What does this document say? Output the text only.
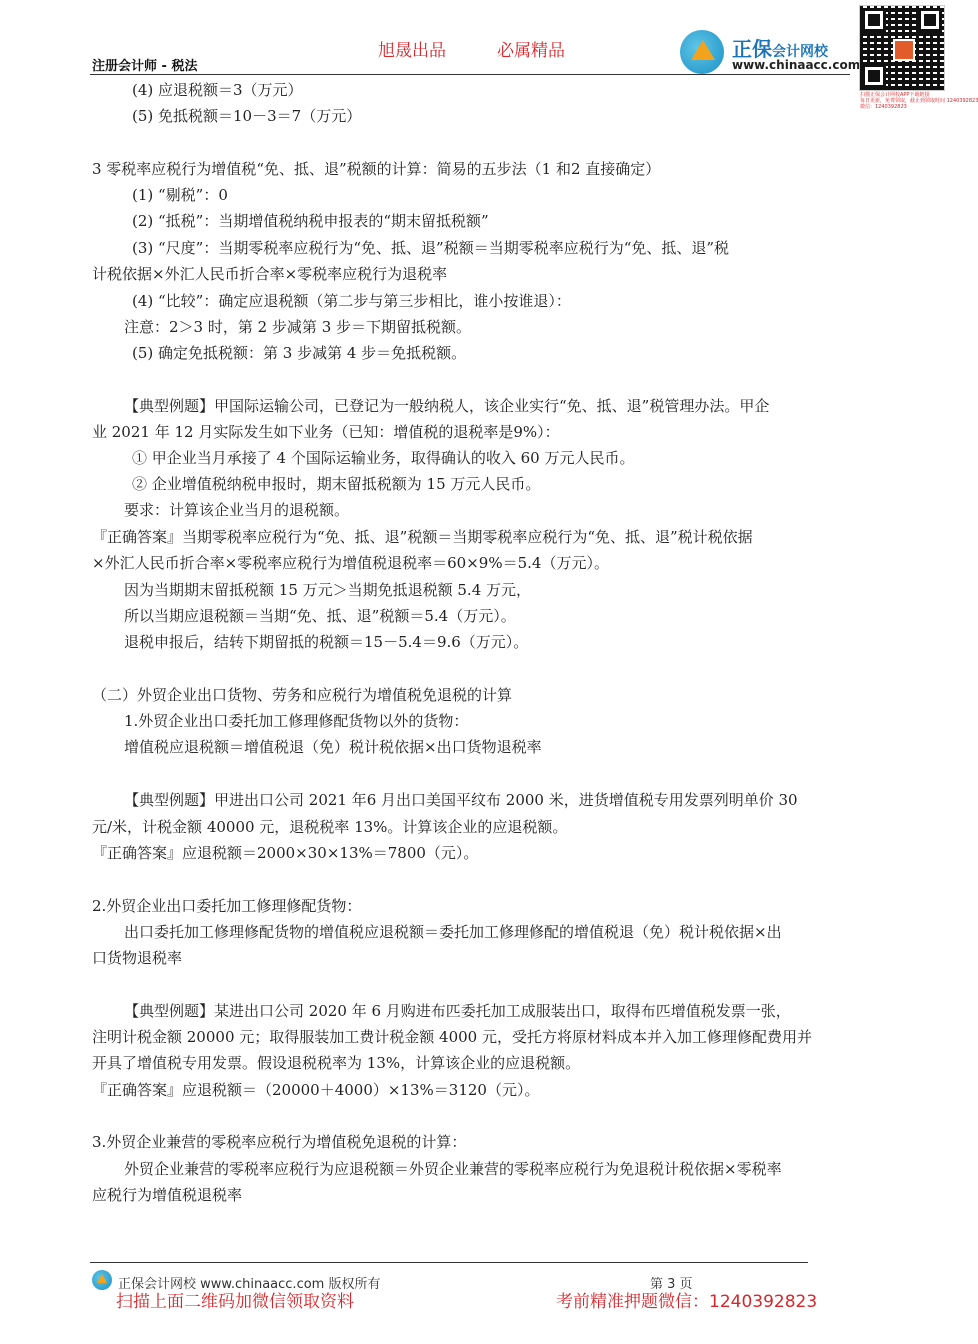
旭晟出品	必属精品
注册会计师 - 税法
正保会计网校
www.chinaacc.com
扫描正保会计网校APP下载链接
每日更新，免费领取，截止到领取时间 1240392823
微信：1240392823
(4) 应退税额＝3（万元）
(5) 免抵税额＝10－3＝7（万元）
3 零税率应税行为增值税“免、抵、退”税额的计算：简易的五步法（1 和2 直接确定）
(1) “剔税”：0
(2) “抵税”：当期增值税纳税申报表的“期末留抵税额”
(3) “尺度”：当期零税率应税行为“免、抵、退”税额＝当期零税率应税行为“免、抵、退”税
计税依据×外汇人民币折合率×零税率应税行为退税率
(4) “比较”：确定应退税额（第二步与第三步相比，谁小按谁退）：
注意：2＞3 时，第 2 步减第 3 步＝下期留抵税额。
(5) 确定免抵税额：第 3 步减第 4 步＝免抵税额。
【典型例题】甲国际运输公司，已登记为一般纳税人，该企业实行“免、抵、退”税管理办法。甲企
业 2021 年 12 月实际发生如下业务（已知：增值税的退税率是9%）：
① 甲企业当月承接了 4 个国际运输业务，取得确认的收入 60 万元人民币。
② 企业增值税纳税申报时，期末留抵税额为 15 万元人民币。
要求：计算该企业当月的退税额。
『正确答案』当期零税率应税行为“免、抵、退”税额＝当期零税率应税行为“免、抵、退”税计税依据
×外汇人民币折合率×零税率应税行为增值税退税率＝60×9%＝5.4（万元）。
因为当期期末留抵税额 15 万元＞当期免抵退税额 5.4 万元，
所以当期应退税额＝当期“免、抵、退”税额＝5.4（万元）。
退税申报后，结转下期留抵的税额＝15－5.4＝9.6（万元）。
（二）外贸企业出口货物、劳务和应税行为增值税免退税的计算
1.外贸企业出口委托加工修理修配货物以外的货物：
增值税应退税额＝增值税退（免）税计税依据×出口货物退税率
【典型例题】甲进出口公司 2021 年6 月出口美国平纹布 2000 米，进货增值税专用发票列明单价 30
元/米，计税金额 40000 元，退税税率 13%。计算该企业的应退税额。
『正确答案』应退税额＝2000×30×13%＝7800（元）。
2.外贸企业出口委托加工修理修配货物：
出口委托加工修理修配货物的增值税应退税额＝委托加工修理修配的增值税退（免）税计税依据×出
口货物退税率
【典型例题】某进出口公司 2020 年 6 月购进布匹委托加工成服装出口，取得布匹增值税发票一张，
注明计税金额 20000 元；取得服装加工费计税金额 4000 元，受托方将原材料成本并入加工修理修配费用并
开具了增值税专用发票。假设退税税率为 13%，计算该企业的应退税额。
『正确答案』应退税额＝（20000＋4000）×13%＝3120（元）。
3.外贸企业兼营的零税率应税行为增值税免退税的计算：
外贸企业兼营的零税率应税行为应退税额＝外贸企业兼营的零税率应税行为免退税计税依据×零税率
应税行为增值税退税率
正保会计网校 www.chinaacc.com 版权所有	第 3 页
扫描上面二维码加微信领取资料	考前精准押题微信：1240392823
